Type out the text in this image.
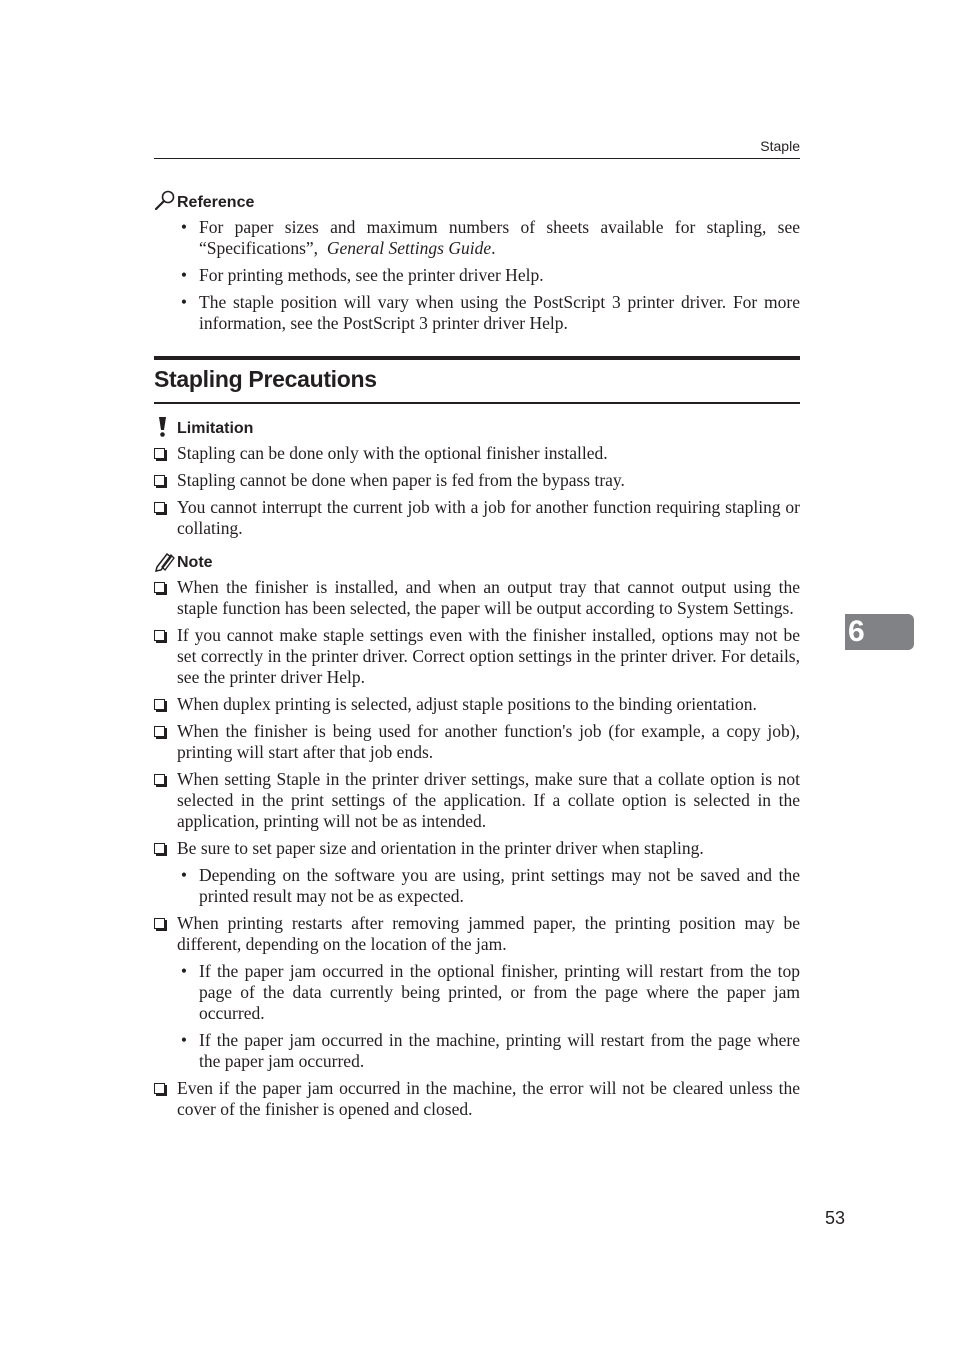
Staple
Reference
• For paper sizes and maximum numbers of sheets available for stapling, see “Specifications”, General Settings Guide.
• For printing methods, see the printer driver Help.
• The staple position will vary when using the PostScript 3 printer driver. For more information, see the PostScript 3 printer driver Help.
Stapling Precautions
Limitation
Stapling can be done only with the optional finisher installed.
Stapling cannot be done when paper is fed from the bypass tray.
You cannot interrupt the current job with a job for another function requiring stapling or collating.
Note
When the finisher is installed, and when an output tray that cannot output using the staple function has been selected, the paper will be output according to System Settings.
If you cannot make staple settings even with the finisher installed, options may not be set correctly in the printer driver. Correct option settings in the printer driver. For details, see the printer driver Help.
When duplex printing is selected, adjust staple positions to the binding orientation.
When the finisher is being used for another function's job (for example, a copy job), printing will start after that job ends.
When setting Staple in the printer driver settings, make sure that a collate option is not selected in the print settings of the application. If a collate option is selected in the application, printing will not be as intended.
Be sure to set paper size and orientation in the printer driver when stapling.
• Depending on the software you are using, print settings may not be saved and the printed result may not be as expected.
When printing restarts after removing jammed paper, the printing position may be different, depending on the location of the jam.
• If the paper jam occurred in the optional finisher, printing will restart from the top page of the data currently being printed, or from the page where the paper jam occurred.
• If the paper jam occurred in the machine, printing will restart from the page where the paper jam occurred.
Even if the paper jam occurred in the machine, the error will not be cleared unless the cover of the finisher is opened and closed.
6
53
